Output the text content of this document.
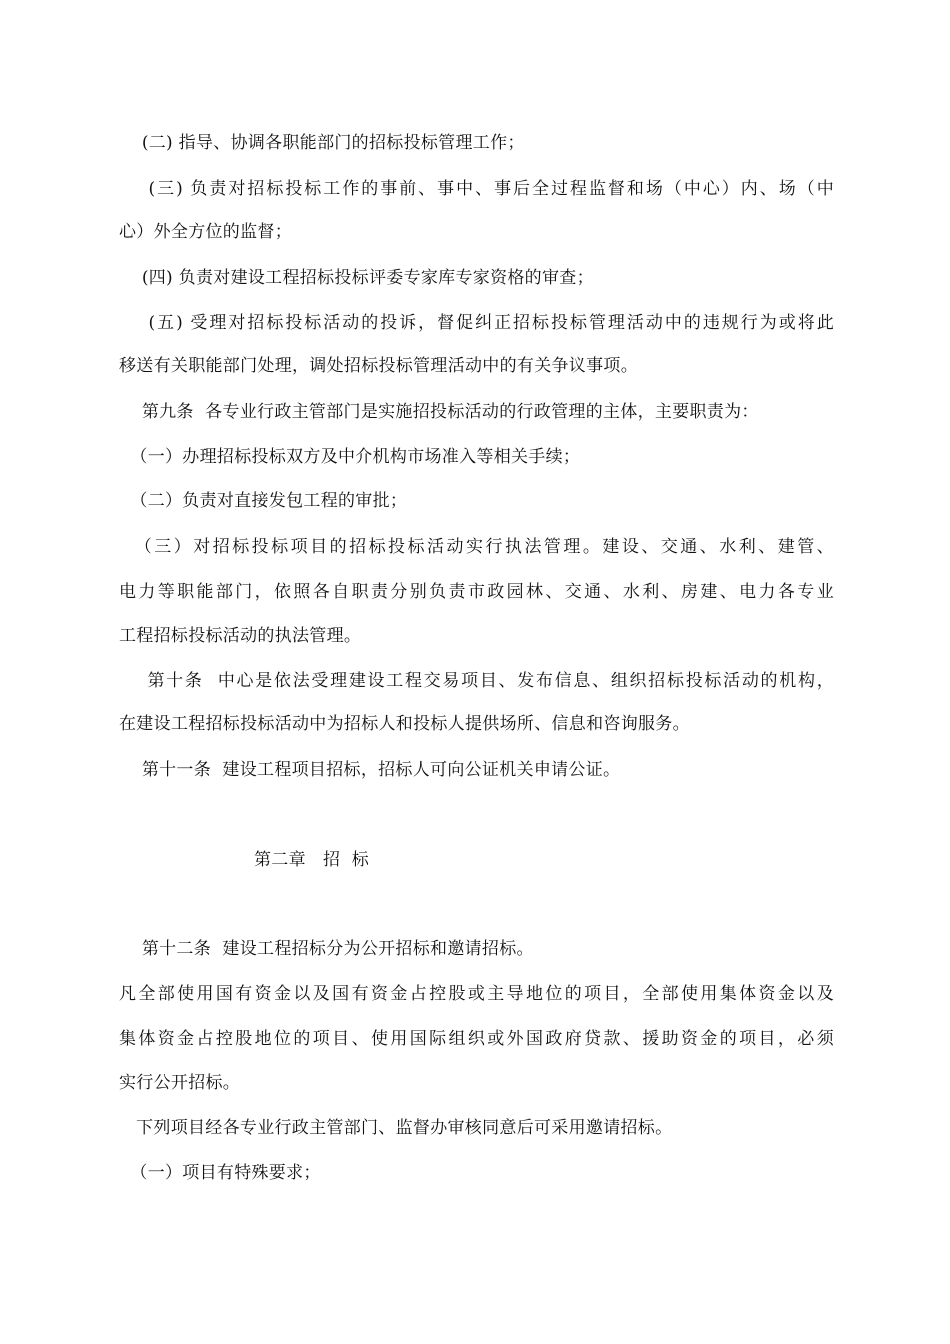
(二) 指导、协调各职能部门的招标投标管理工作；
(三) 负责对招标投标工作的事前、事中、事后全过程监督和场（中心）内、场（中
心）外全方位的监督；
(四) 负责对建设工程招标投标评委专家库专家资格的审查；
(五) 受理对招标投标活动的投诉，督促纠正招标投标管理活动中的违规行为或将此
移送有关职能部门处理，调处招标投标管理活动中的有关争议事项。
第九条  各专业行政主管部门是实施招投标活动的行政管理的主体，主要职责为：
（一）办理招标投标双方及中介机构市场准入等相关手续；
（二）负责对直接发包工程的审批；
（三）对招标投标项目的招标投标活动实行执法管理。建设、交通、水利、建管、
电力等职能部门，依照各自职责分别负责市政园林、交通、水利、房建、电力各专业
工程招标投标活动的执法管理。
第十条  中心是依法受理建设工程交易项目、发布信息、组织招标投标活动的机构，
在建设工程招标投标活动中为招标人和投标人提供场所、信息和咨询服务。
第十一条  建设工程项目招标，招标人可向公证机关申请公证。
第二章   招  标
第十二条  建设工程招标分为公开招标和邀请招标。
凡全部使用国有资金以及国有资金占控股或主导地位的项目，全部使用集体资金以及
集体资金占控股地位的项目、使用国际组织或外国政府贷款、援助资金的项目，必须
实行公开招标。
下列项目经各专业行政主管部门、监督办审核同意后可采用邀请招标。
（一）项目有特殊要求；
